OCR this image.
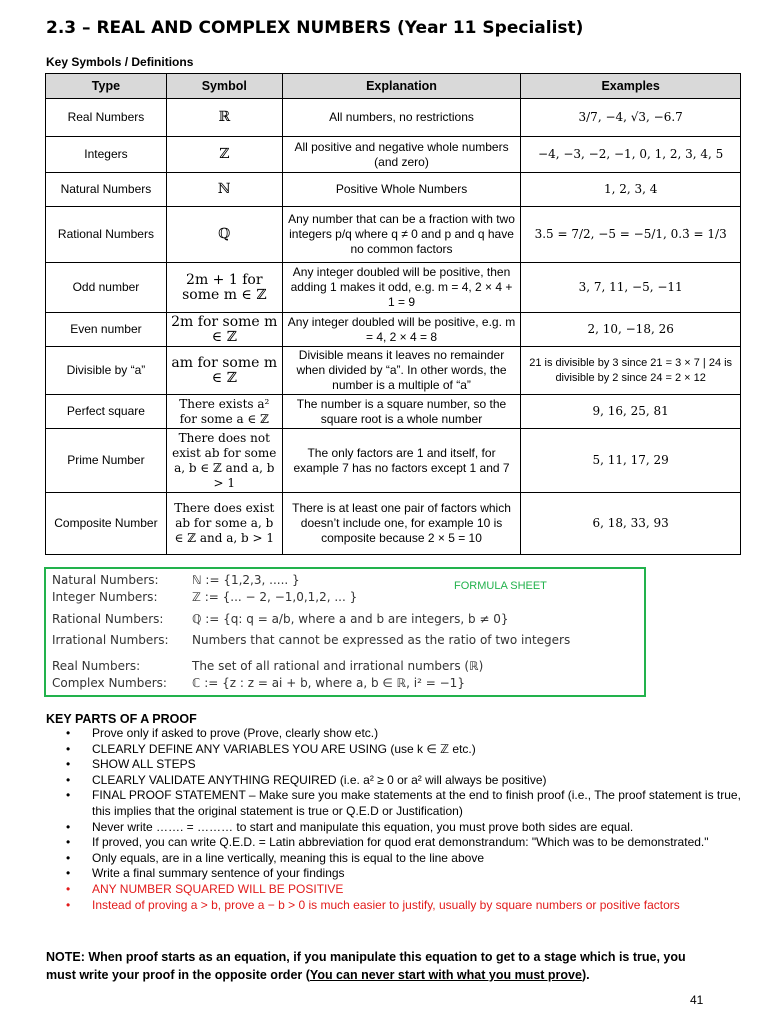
2.3 – REAL AND COMPLEX NUMBERS (Year 11 Specialist)
Key Symbols / Definitions
Type	Symbol	Explanation	Examples
Real Numbers	ℝ	All numbers, no restrictions	3/7, −4, √3, −6.7
Integers	ℤ	All positive and negative whole numbers (and zero)	−4, −3, −2, −1, 0, 1, 2, 3, 4, 5
Natural Numbers	ℕ	Positive Whole Numbers	1, 2, 3, 4
Rational Numbers	ℚ	Any number that can be a fraction with two integers p/q where q ≠ 0 and p and q have no common factors	3.5 = 7/2, −5 = −5/1, 0.3̇ = 1/3
Odd number	2m + 1 for some m ∈ ℤ	Any integer doubled will be positive, then adding 1 makes it odd, e.g. m = 4, 2 × 4 + 1 = 9	3, 7, 11, −5, −11
Even number	2m for some m ∈ ℤ	Any integer doubled will be positive, e.g. m = 4, 2 × 4 = 8	2, 10, −18, 26
Divisible by “a”	am for some m ∈ ℤ	Divisible means it leaves no remainder when divided by “a”. In other words, the number is a multiple of “a”	21 is divisible by 3 since 21 = 3 × 7 | 24 is divisible by 2 since 24 = 2 × 12
Perfect square	There exists a² for some a ∈ ℤ	The number is a square number, so the square root is a whole number	9, 16, 25, 81
Prime Number	There does not exist ab for some a, b ∈ ℤ and a, b > 1	The only factors are 1 and itself, for example 7 has no factors except 1 and 7	5, 11, 17, 29
Composite Number	There does exist ab for some a, b ∈ ℤ and a, b > 1	There is at least one pair of factors which doesn’t include one, for example 10 is composite because 2 × 5 = 10	6, 18, 33, 93
FORMULA SHEET
Natural Numbers:	ℕ := {1,2,3, ..... }
Integer Numbers:	ℤ := {... − 2, −1,0,1,2, ... }
Rational Numbers: ℚ := {q: q = a/b, where a and b are integers, b ≠ 0}
Irrational Numbers: Numbers that cannot be expressed as the ratio of two integers
Real Numbers:	The set of all rational and irrational numbers (ℝ)
Complex Numbers: ℂ := {z : z = ai + b, where a, b ∈ ℝ, i² = −1}
KEY PARTS OF A PROOF
• Prove only if asked to prove (Prove, clearly show etc.)
• CLEARLY DEFINE ANY VARIABLES YOU ARE USING (use k ∈ ℤ etc.)
• SHOW ALL STEPS
• CLEARLY VALIDATE ANYTHING REQUIRED (i.e. a² ≥ 0 or a² will always be positive)
• FINAL PROOF STATEMENT – Make sure you make statements at the end to finish proof (i.e., The proof statement is true, this implies that the original statement is true or Q.E.D or Justification)
• Never write ……. = ……… to start and manipulate this equation, you must prove both sides are equal.
• If proved, you can write Q.E.D. = Latin abbreviation for quod erat demonstrandum: "Which was to be demonstrated."
• Only equals, are in a line vertically, meaning this is equal to the line above
• Write a final summary sentence of your findings
• ANY NUMBER SQUARED WILL BE POSITIVE
• Instead of proving a > b, prove a − b > 0 is much easier to justify, usually by square numbers or positive factors
NOTE: When proof starts as an equation, if you manipulate this equation to get to a stage which is true, you must write your proof in the opposite order (You can never start with what you must prove).
41
